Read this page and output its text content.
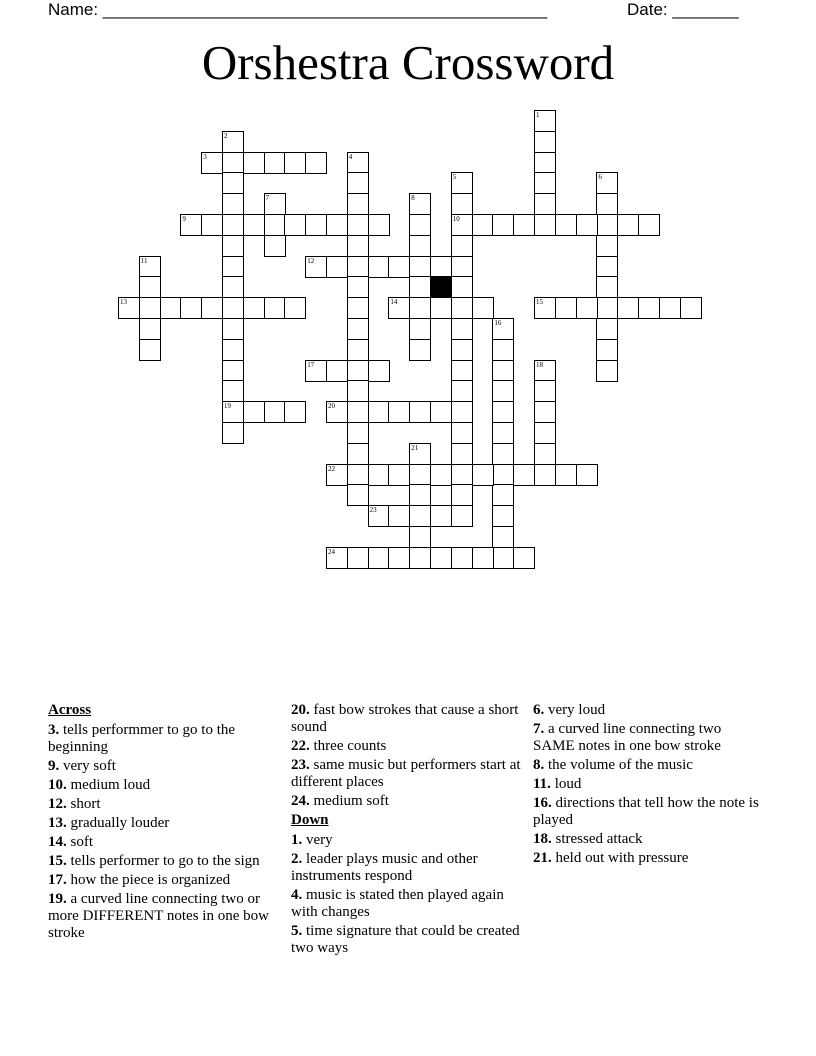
Name: _______________________________________________	Date: _______
Orshestra Crossword
1
2
19
3	4
5
10
6
7	8
9
11	12
13	14	15
16
17	18
20
21
22
23
24
Across
3. tells performmer to go to the beginning
9. very soft
10. medium loud
12. short
13. gradually louder
14. soft
15. tells performer to go to the sign
17. how the piece is organized
19. a curved line connecting two or more DIFFERENT notes in one bow stroke
20. fast bow strokes that cause a short sound
22. three counts
23. same music but performers start at different places
24. medium soft
Down
1. very
2. leader plays music and other instruments respond
4. music is stated then played again with changes
5. time signature that could be created two ways
6. very loud
7. a curved line connecting two SAME notes in one bow stroke
8. the volume of the music
11. loud
16. directions that tell how the note is played
18. stressed attack
21. held out with pressure
